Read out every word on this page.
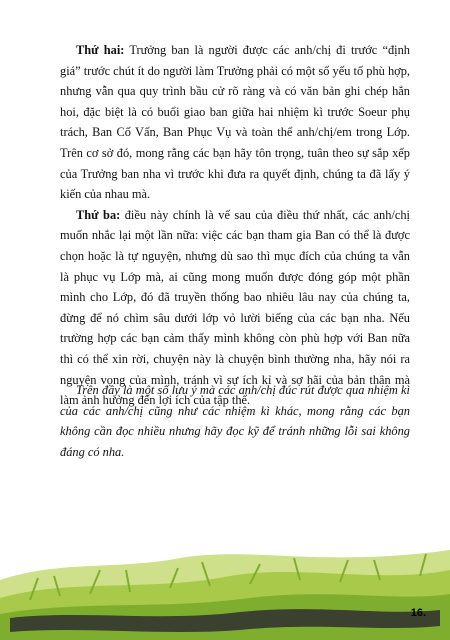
Thứ hai: Trưởng ban là người được các anh/chị đi trước “định giá” trước chút ít do người làm Trưởng phải có một số yếu tố phù hợp, nhưng vẫn qua quy trình bầu cử rõ ràng và có văn bản ghi chép hẳn hoi, đặc biệt là có buổi giao ban giữa hai nhiệm kì trước Soeur phụ trách, Ban Cố Vấn, Ban Phục Vụ và toàn thể anh/chị/em trong Lớp. Trên cơ sở đó, mong rằng các bạn hãy tôn trọng, tuân theo sự sắp xếp của Trưởng ban nha vì trước khi đưa ra quyết định, chúng ta đã lấy ý kiến của nhau mà.

Thứ ba: điều này chính là vế sau của điều thứ nhất, các anh/chị muốn nhắc lại một lần nữa: việc các bạn tham gia Ban có thể là được chọn hoặc là tự nguyện, nhưng dù sao thì mục đích của chúng ta vẫn là phục vụ Lớp mà, ai cũng mong muốn được đóng góp một phần mình cho Lớp, đó đã truyền thống bao nhiêu lâu nay của chúng ta, đừng để nó chìm sâu dưới lớp vỏ lười biếng của các bạn nha. Nếu trường hợp các bạn cảm thấy mình không còn phù hợp với Ban nữa thì có thể xin rời, chuyện này là chuyện bình thường nha, hãy nói ra nguyện vọng của mình, tránh vì sự ích kỉ và sợ hãi của bản thân mà làm ảnh hưởng đến lợi ích của tập thể.

Trên đây là một số lưu ý mà các anh/chị đúc rút được qua nhiệm kì của các anh/chị cũng như các nhiệm kì khác, mong rằng các bạn không cần đọc nhiều nhưng hãy đọc kỹ để tránh những lỗi sai không đáng có nha.

16.
